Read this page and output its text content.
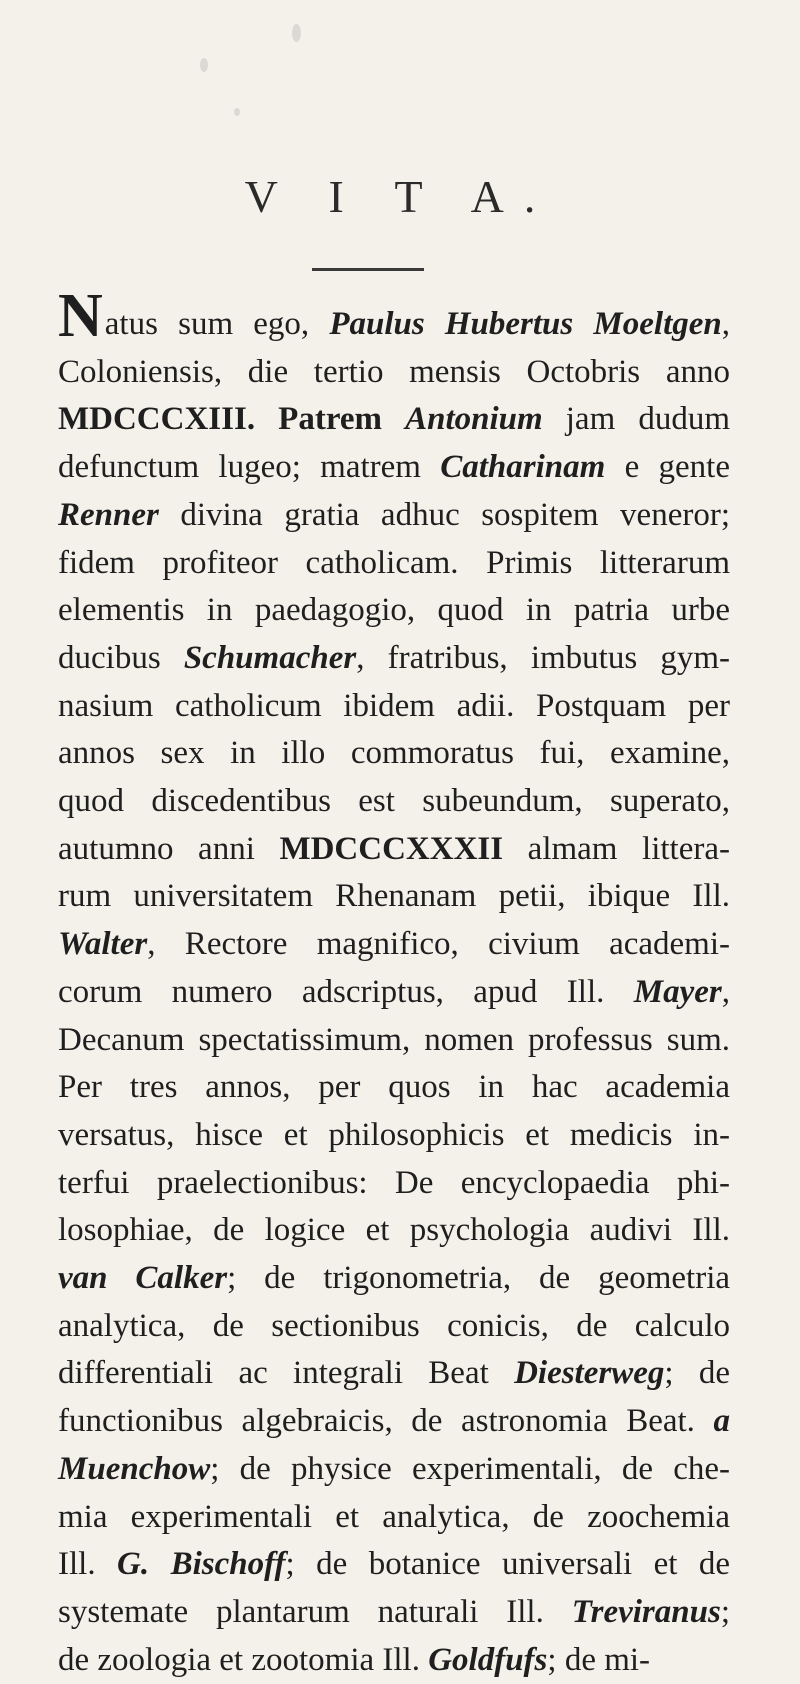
V I T A.
Natus sum ego, Paulus Hubertus Moeltgen,
Coloniensis, die tertio mensis Octobris anno
MDCCCXIII. Patrem Antonium jam dudum
defunctum lugeo; matrem Catharinam e gente
Renner divina gratia adhuc sospitem veneror;
fidem profiteor catholicam. Primis litterarum
elementis in paedagogio, quod in patria urbe
ducibus Schumacher, fratribus, imbutus gym-
nasium catholicum ibidem adii. Postquam per
annos sex in illo commoratus fui, examine,
quod discedentibus est subeundum, superato,
autumno anni MDCCCXXXII almam littera-
rum universitatem Rhenanam petii, ibique Ill.
Walter, Rectore magnifico, civium academi-
corum numero adscriptus, apud Ill. Mayer,
Decanum spectatissimum, nomen professus sum.
Per tres annos, per quos in hac academia
versatus, hisce et philosophicis et medicis in-
terfui praelectionibus: De encyclopaedia phi-
losophiae, de logice et psychologia audivi Ill.
van Calker; de trigonometria, de geometria
analytica, de sectionibus conicis, de calculo
differentiali ac integrali Beat Diesterweg; de
functionibus algebraicis, de astronomia Beat. a
Muenchow; de physice experimentali, de che-
mia experimentali et analytica, de zoochemia
Ill. G. Bischoff; de botanice universali et de
systemate plantarum naturali Ill. Treviranus;
de zoologia et zootomia Ill. Goldfufs; de mi-
